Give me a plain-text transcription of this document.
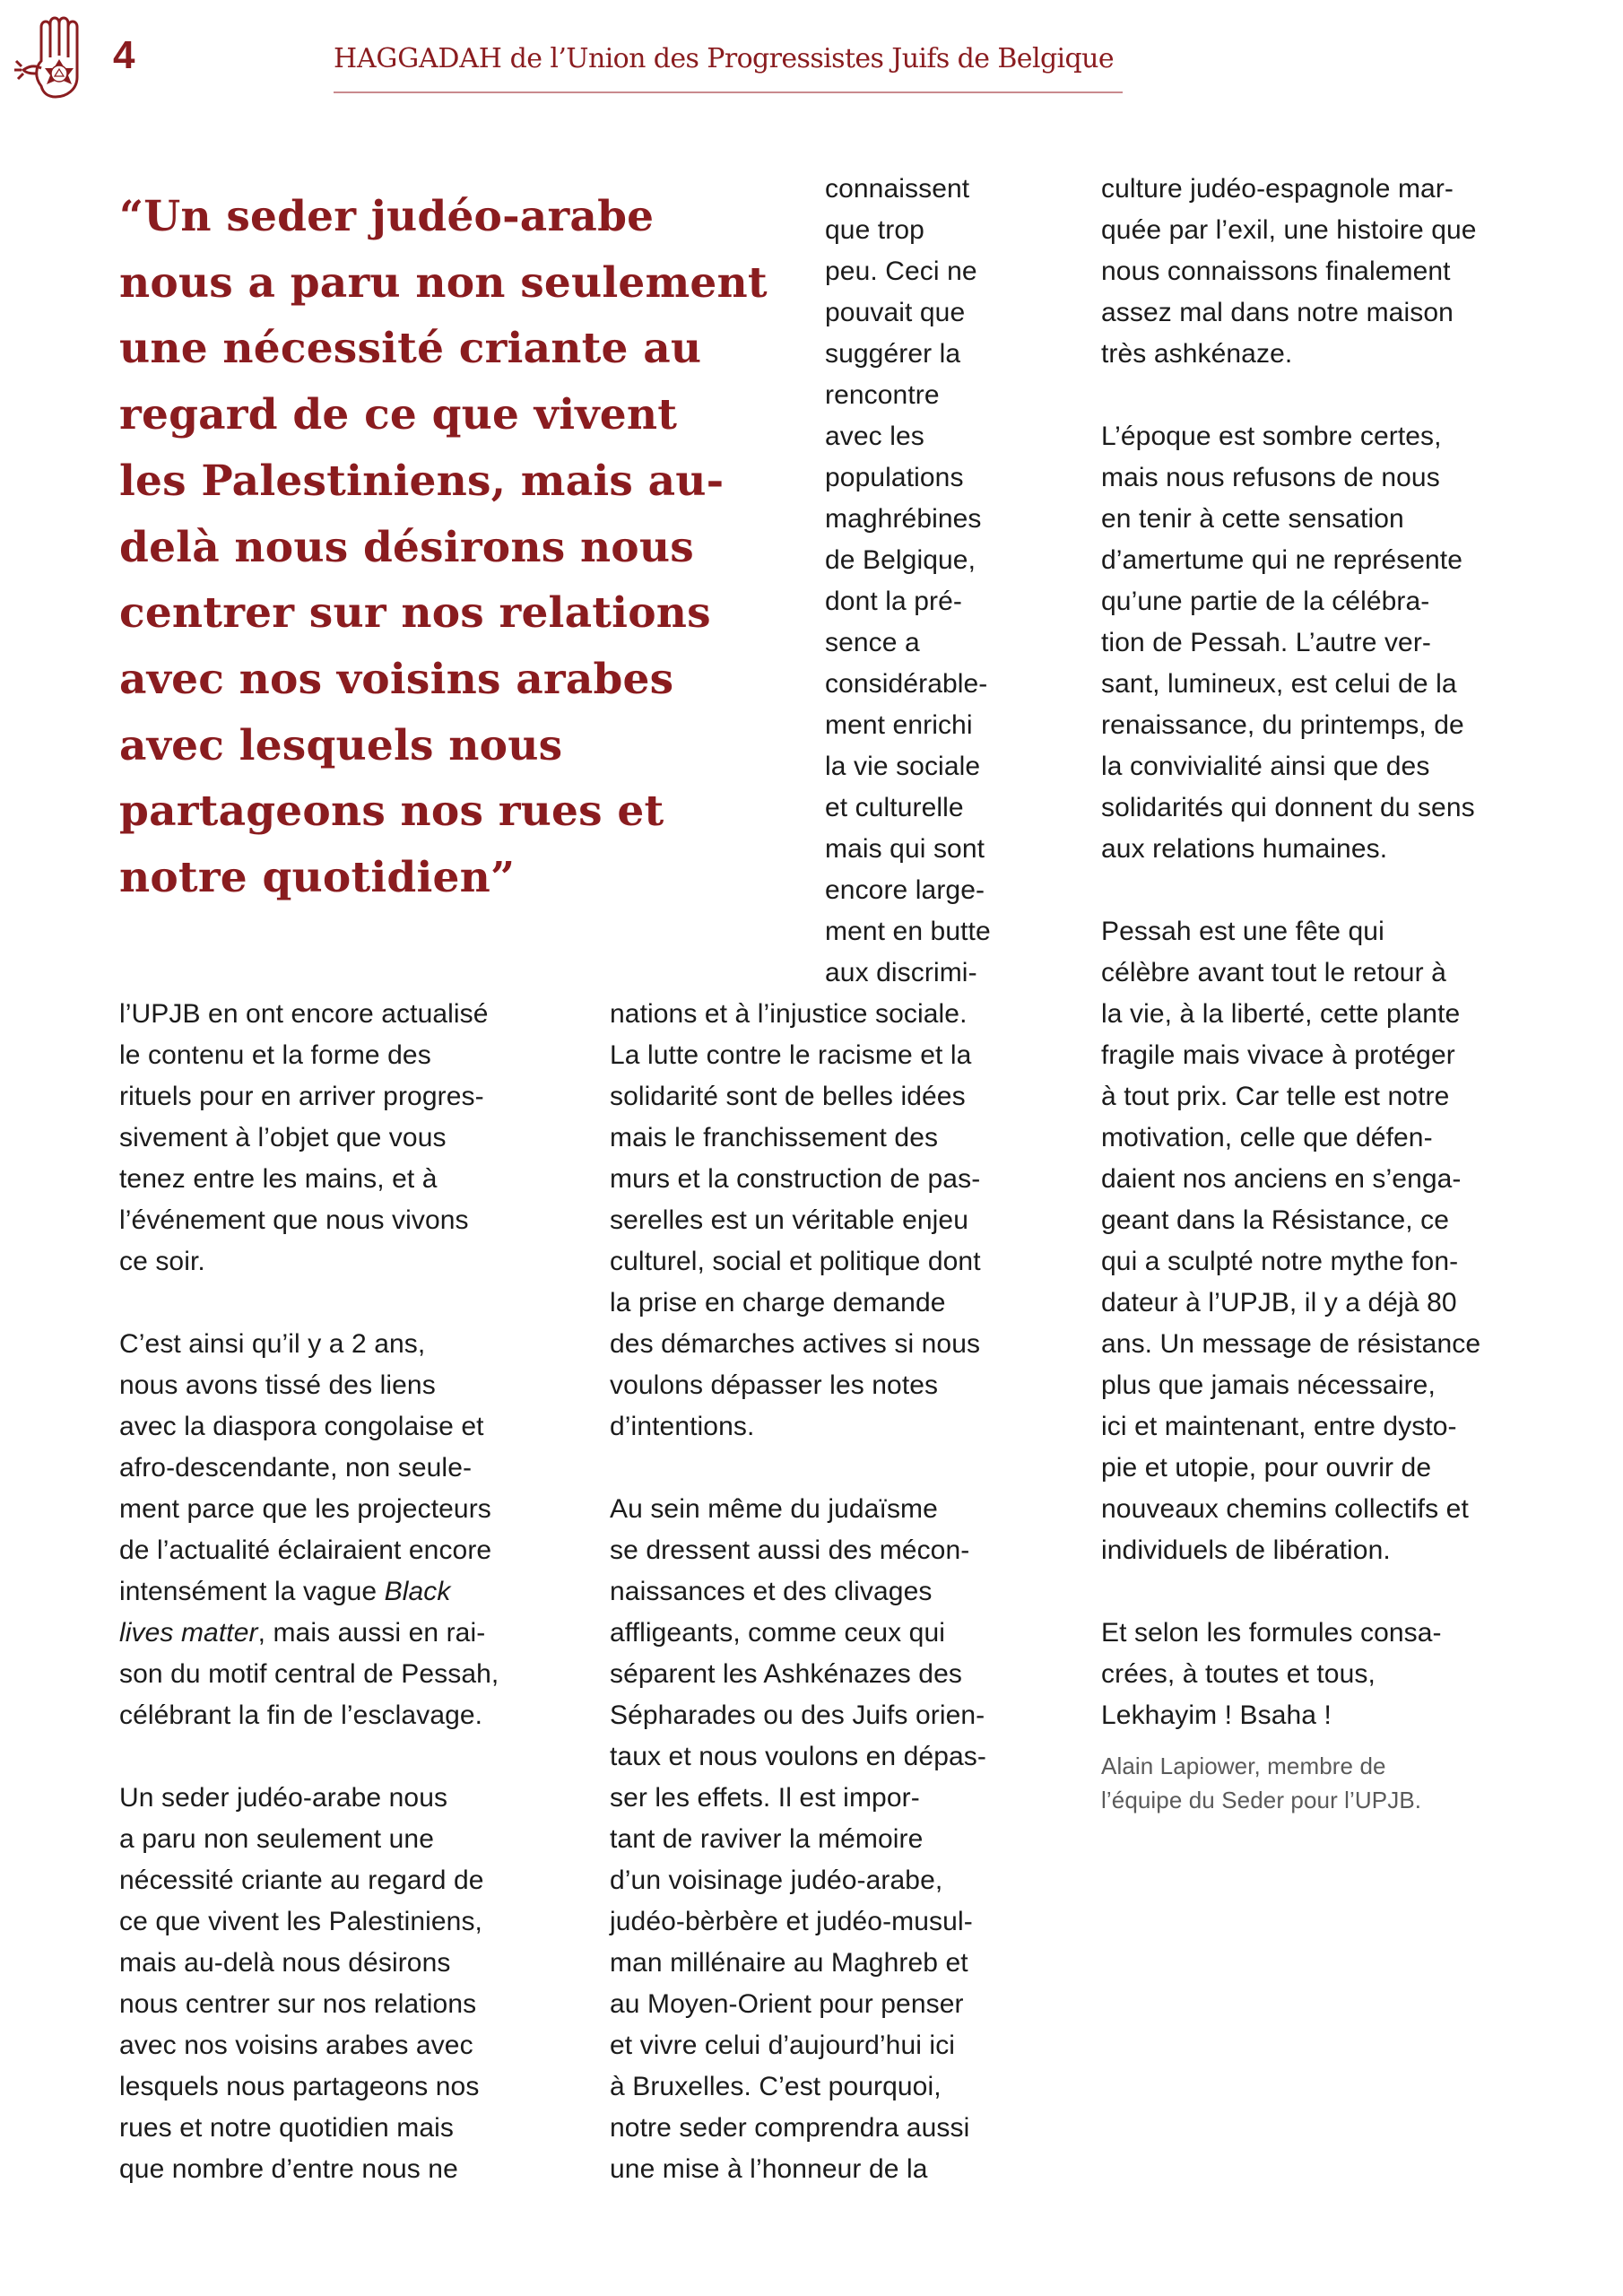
4	HAGGADAH de l’Union des Progressistes Juifs de Belgique
“Un seder judéo-arabe
nous a paru non seulement
une nécessité criante au
regard de ce que vivent
les Palestiniens, mais au-
delà nous désirons nous
centrer sur nos relations
avec nos voisins arabes
avec lesquels nous
partageons nos rues et
notre quotidien”
connaissent
que trop
peu. Ceci ne
pouvait que
suggérer la
rencontre
avec les
populations
maghrébines
de Belgique,
dont la pré-
sence a
considérable-
ment enrichi
la vie sociale
et culturelle
mais qui sont
encore large-
ment en butte
aux discrimi-
l’UPJB en ont encore actualisé
le contenu et la forme des
rituels pour en arriver progres-
sivement à l’objet que vous
tenez entre les mains, et à
l’événement que nous vivons
ce soir.
C’est ainsi qu’il y a 2 ans,
nous avons tissé des liens
avec la diaspora congolaise et
afro-descendante, non seule-
ment parce que les projecteurs
de l’actualité éclairaient encore
intensément la vague Black
lives matter, mais aussi en rai-
son du motif central de Pessah,
célébrant la fin de l’esclavage.
Un seder judéo-arabe nous
a paru non seulement une
nécessité criante au regard de
ce que vivent les Palestiniens,
mais au-delà nous désirons
nous centrer sur nos relations
avec nos voisins arabes avec
lesquels nous partageons nos
rues et notre quotidien mais
que nombre d’entre nous ne
nations et à l’injustice sociale.
La lutte contre le racisme et la
solidarité sont de belles idées
mais le franchissement des
murs et la construction de pas-
serelles est un véritable enjeu
culturel, social et politique dont
la prise en charge demande
des démarches actives si nous
voulons dépasser les notes
d’intentions.
Au sein même du judaïsme
se dressent aussi des mécon-
naissances et des clivages
affligeants, comme ceux qui
séparent les Ashkénazes des
Sépharades ou des Juifs orien-
taux et nous voulons en dépas-
ser les effets. Il est impor-
tant de raviver la mémoire
d’un voisinage judéo-arabe,
judéo-bèrbère et judéo-musul-
man millénaire au Maghreb et
au Moyen-Orient pour penser
et vivre celui d’aujourd’hui ici
à Bruxelles. C’est pourquoi,
notre seder comprendra aussi
une mise à l’honneur de la
culture judéo-espagnole mar-
quée par l’exil, une histoire que
nous connaissons finalement
assez mal dans notre maison
très ashkénaze.
L’époque est sombre certes,
mais nous refusons de nous
en tenir à cette sensation
d’amertume qui ne représente
qu’une partie de la célébra-
tion de Pessah. L’autre ver-
sant, lumineux, est celui de la
renaissance, du printemps, de
la convivialité ainsi que des
solidarités qui donnent du sens
aux relations humaines.
Pessah est une fête qui
célèbre avant tout le retour à
la vie, à la liberté, cette plante
fragile mais vivace à protéger
à tout prix. Car telle est notre
motivation, celle que défen-
daient nos anciens en s’enga-
geant dans la Résistance, ce
qui a sculpté notre mythe fon-
dateur à l’UPJB, il y a déjà 80
ans. Un message de résistance
plus que jamais nécessaire,
ici et maintenant, entre dysto-
pie et utopie, pour ouvrir de
nouveaux chemins collectifs et
individuels de libération.
Et selon les formules consa-
crées, à toutes et tous,
Lekhayim ! Bsaha !
Alain Lapiower, membre de
l’équipe du Seder pour l’UPJB.
